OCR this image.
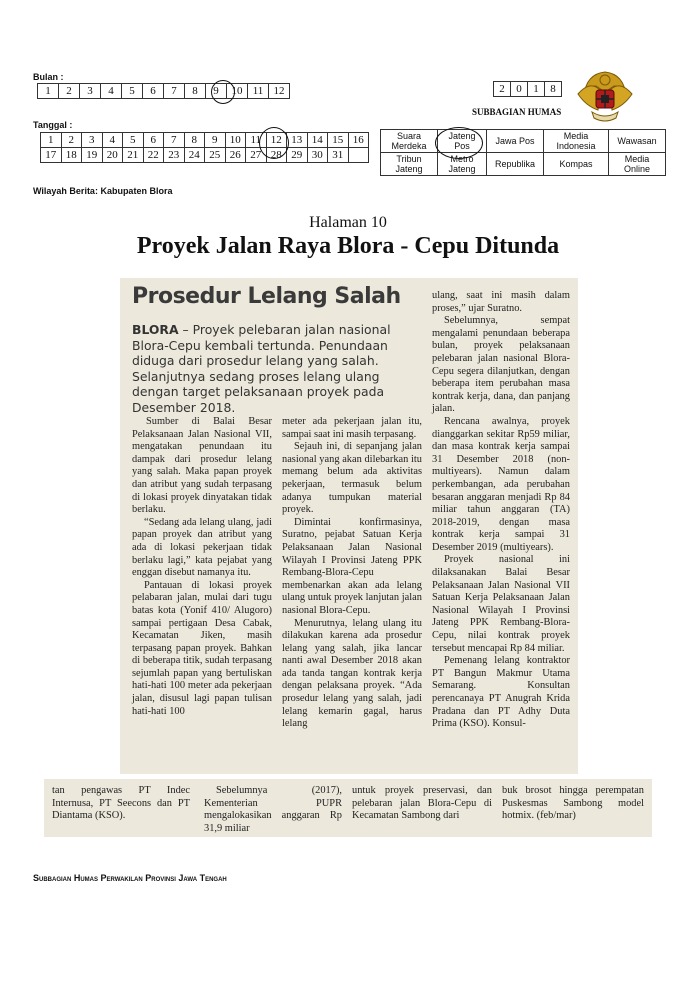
Bulan :
1	2	3	4	5	6	7	8	9	10	11	12
Tanggal :
1	2	3	4	5	6	7	8	9	10	11	12	13	14	15	16
17	18	19	20	21	22	23	24	25	26	27	28	29	30	31	
Wilayah Berita: Kabupaten Blora
2	0	1	8
SUBBAGIAN HUMAS
Suara Merdeka	Jateng Pos	Jawa Pos	Media Indonesia	Wawasan
Tribun Jateng	Metro Jateng	Republika	Kompas	Media Online
Halaman 10
Proyek Jalan Raya Blora - Cepu Ditunda
Prosedur Lelang Salah
BLORA – Proyek pelebaran jalan nasional Blora-Cepu kembali tertunda. Penundaan diduga dari prosedur lelang yang salah. Selanjutnya sedang proses lelang ulang dengan target pelaksanaan proyek pada Desember 2018.

Sumber di Balai Besar Pelaksanaan Jalan Nasional VII, mengatakan penundaan itu dampak dari prosedur lelang yang salah. Maka papan proyek dan atribut yang sudah terpasang di lokasi proyek dinyatakan tidak berlaku.

“Sedang ada lelang ulang, jadi papan proyek dan atribut yang ada di lokasi pekerjaan tidak berlaku lagi,” kata pejabat yang enggan disebut namanya itu.

Pantauan di lokasi proyek pelabaran jalan, mulai dari tugu batas kota (Yonif 410/ Alugoro) sampai pertigaan Desa Cabak, Kecamatan Jiken, masih terpasang papan proyek. Bahkan di beberapa titik, sudah terpasang sejumlah papan yang bertuliskan hati-hati 100 meter ada pekerjaan jalan, disusul lagi papan tulisan hati-hati 100

meter ada pekerjaan jalan itu, sampai saat ini masih terpasang.

Sejauh ini, di sepanjang jalan nasional yang akan dilebarkan itu memang belum ada aktivitas pekerjaan, termasuk belum adanya tumpukan material proyek.

Dimintai konfirmasinya, Suratno, pejabat Satuan Kerja Pelaksanaan Jalan Nasional Wilayah I Provinsi Jateng PPK Rembang-Blora-Cepu membenarkan akan ada lelang ulang untuk proyek lanjutan jalan nasional Blora-Cepu.

Menurutnya, lelang ulang itu dilakukan karena ada prosedur lelang yang salah, jika lancar nanti awal Desember 2018 akan ada tanda tangan kontrak kerja dengan pelaksana proyek. “Ada prosedur lelang yang salah, jadi lelang kemarin gagal, harus lelang

ulang, saat ini masih dalam proses,” ujar Suratno.

Sebelumnya, sempat mengalami penundaan beberapa bulan, proyek pelaksanaan pelebaran jalan nasional Blora-Cepu segera dilanjutkan, dengan beberapa item perubahan masa kontrak kerja, dana, dan panjang jalan.

Rencana awalnya, proyek dianggarkan sekitar Rp59 miliar, dan masa kontrak kerja sampai 31 Desember 2018 (non-multiyears). Namun dalam perkembangan, ada perubahan besaran anggaran menjadi Rp 84 miliar tahun anggaran (TA) 2018-2019, dengan masa kontrak kerja sampai 31 Desember 2019 (multiyears).

Proyek nasional ini dilaksanakan Balai Besar Pelaksanaan Jalan Nasional VII Satuan Kerja Pelaksanaan Jalan Nasional Wilayah I Provinsi Jateng PPK Rembang-Blora-Cepu, nilai kontrak proyek tersebut mencapai Rp 84 miliar.

Pemenang lelang kontraktor PT Bangun Makmur Utama Semarang. Konsultan perencanaya PT Anugrah Krida Pradana dan PT Adhy Duta Prima (KSO). Konsul-

tan pengawas PT Indec Internusa, PT Seecons dan PT Diantama (KSO).

Sebelumnya (2017), Kementerian PUPR mengalokasikan anggaran Rp 31,9 miliar

untuk proyek preservasi, dan pelebaran jalan Blora-Cepu di Kecamatan Sambong dari

buk brosot hingga perempatan Puskesmas Sambong model hotmix. (feb/mar)

Subbagian Humas Perwakilan Provinsi Jawa Tengah
